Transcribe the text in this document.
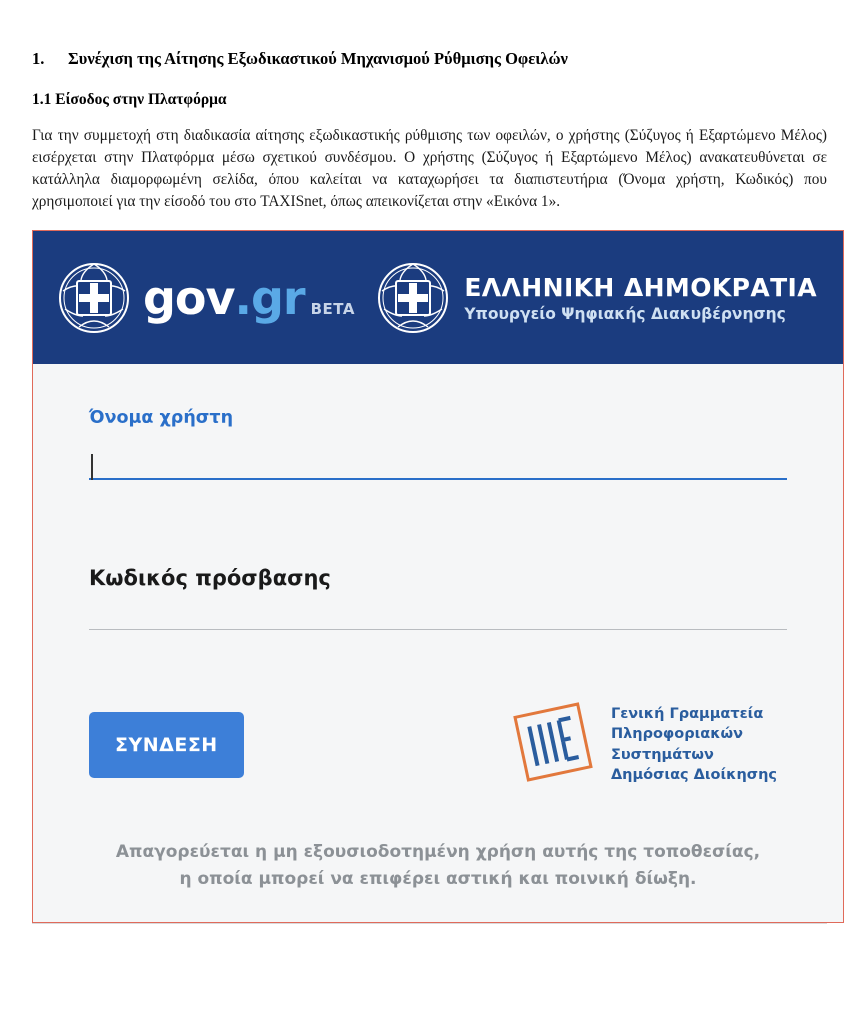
1.	Συνέχιση της Αίτησης Εξωδικαστικού Μηχανισμού Ρύθμισης Οφειλών
1.1 Είσοδος στην Πλατφόρμα

Για την συμμετοχή στη διαδικασία αίτησης εξωδικαστικής ρύθμισης των οφειλών, ο χρήστης (Σύζυγος ή Εξαρτώμενο Μέλος) εισέρχεται στην Πλατφόρμα μέσω σχετικού συνδέσμου. Ο χρήστης (Σύζυγος ή Εξαρτώμενο Μέλος) ανακατευθύνεται σε κατάλληλα διαμορφωμένη σελίδα, όπου καλείται να καταχωρήσει τα διαπιστευτήρια (Όνομα χρήστη, Κωδικός) που χρησιμοποιεί για την είσοδό του στο TAXISnet, όπως απεικονίζεται στην «Εικόνα 1».

gov .gr BETA
ΕΛΛΗΝΙΚΗ ΔΗΜΟΚΡΑΤΙΑ
Υπουργείο Ψηφιακής Διακυβέρνησης
Όνομα χρήστη
Κωδικός πρόσβασης
ΣΥΝΔΕΣΗ
Γενική Γραμματεία
Πληροφοριακών
Συστημάτων
Δημόσιας Διοίκησης
Απαγορεύεται η μη εξουσιοδοτημένη χρήση αυτής της τοποθεσίας,
η οποία μπορεί να επιφέρει αστική και ποινική δίωξη.
